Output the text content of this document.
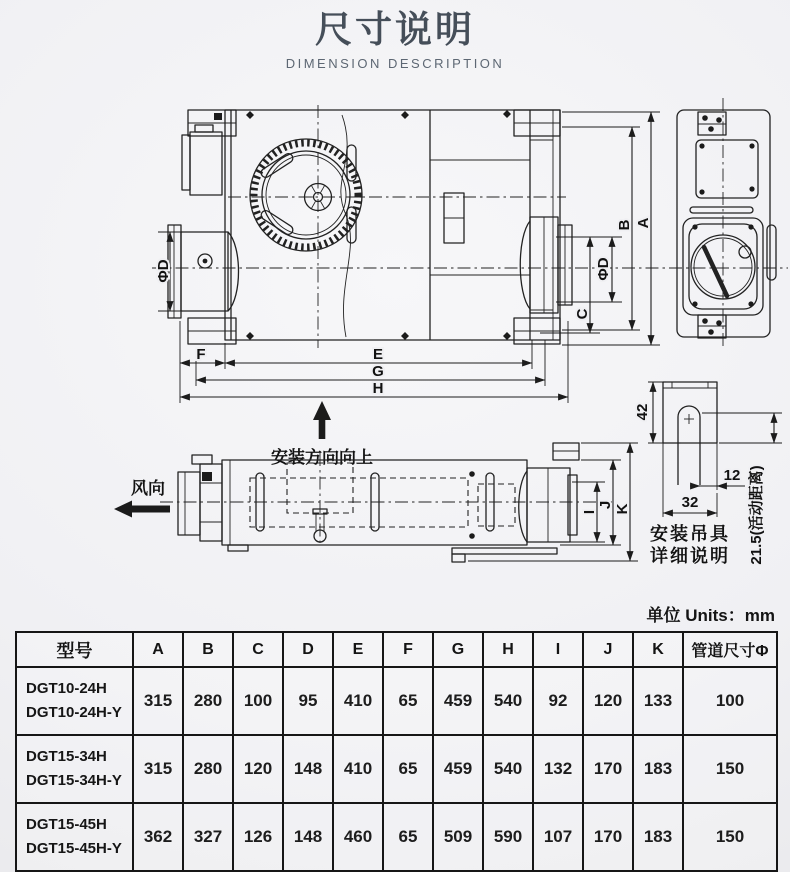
尺寸说明
DIMENSION DESCRIPTION
ΦD	ΦD
C
B A
F	E
G
H
安装方向向上
风向
I
J K
42
12
32	21.5(活动距离)
安装吊具
详细说明
单位 Units：mm
型号	A	B	C	D	E	F	G	H	I	J	K	管道尺寸Φ

DGT10-24H
DGT10-24H-Y	315	280	100	95	410	65	459	540	92	120	133	100

DGT15-34H
DGT15-34H-Y	315	280	120	148	410	65	459	540	132	170	183	150

DGT15-45H
DGT15-45H-Y	362	327	126	148	460	65	509	590	107	170	183	150
